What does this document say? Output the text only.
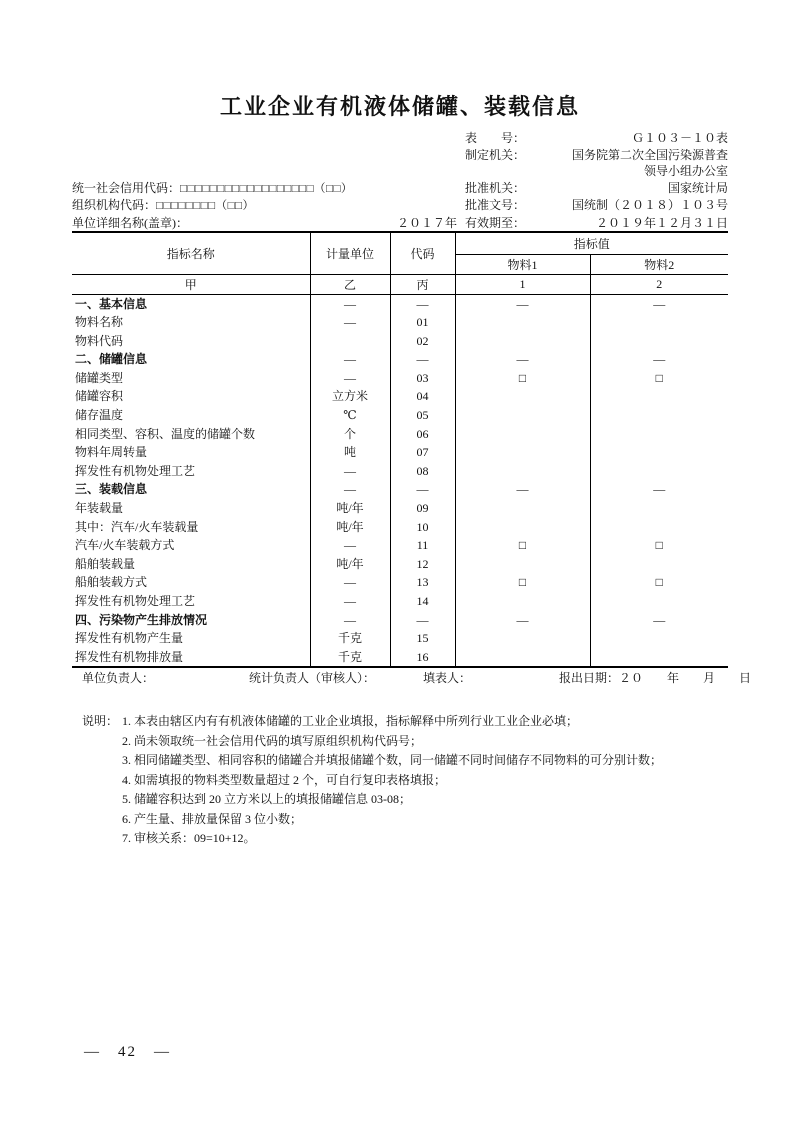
工业企业有机液体储罐、装载信息
表　　号：	Ｇ１０３－１０表
制定机关：	国务院第二次全国污染源普查
领导小组办公室
统一社会信用代码： □□□□□□□□□□□□□□□□□□（□□）	批准机关：	国家统计局
组织机构代码： □□□□□□□□（□□）	批准文号：	国统制（２０１８）１０３号
单位详细名称(盖章)：	２０１７年 有效期至：	２０１９年１２月３１日
指标名称	计量单位	代码	指标值	
			物料1	物料2
甲	乙	丙	1	2
一、基本信息	—	—	—	—
物料名称	—	01		
物料代码		02		
二、储罐信息	—	—	—	—
储罐类型	—	03	□	□
储罐容积	立方米	04		
储存温度	℃	05		
相同类型、容积、温度的储罐个数	个	06		
物料年周转量	吨	07		
挥发性有机物处理工艺	—	08		
三、装载信息	—	—	—	—
年装载量	吨/年	09		
其中：汽车/火车装载量	吨/年	10		
汽车/火车装载方式	—	11	□	□
船舶装载量	吨/年	12		
船舶装载方式	—	13	□	□
挥发性有机物处理工艺	—	14		
四、污染物产生排放情况	—	—	—	—
挥发性有机物产生量	千克	15		
挥发性有机物排放量	千克	16		
单位负责人：	统计负责人（审核人）：	填表人：	报出日期：２０　　年　　月　　日
说明： 1. 本表由辖区内有有机液体储罐的工业企业填报，指标解释中所列行业工业企业必填；
2. 尚未领取统一社会信用代码的填写原组织机构代码号；
3. 相同储罐类型、相同容积的储罐合并填报储罐个数，同一储罐不同时间储存不同物料的可分别计数；
4. 如需填报的物料类型数量超过 2 个，可自行复印表格填报；
5. 储罐容积达到 20 立方米以上的填报储罐信息 03-08；
6. 产生量、排放量保留 3 位小数；
7. 审核关系：09=10+12。
—　42　—
